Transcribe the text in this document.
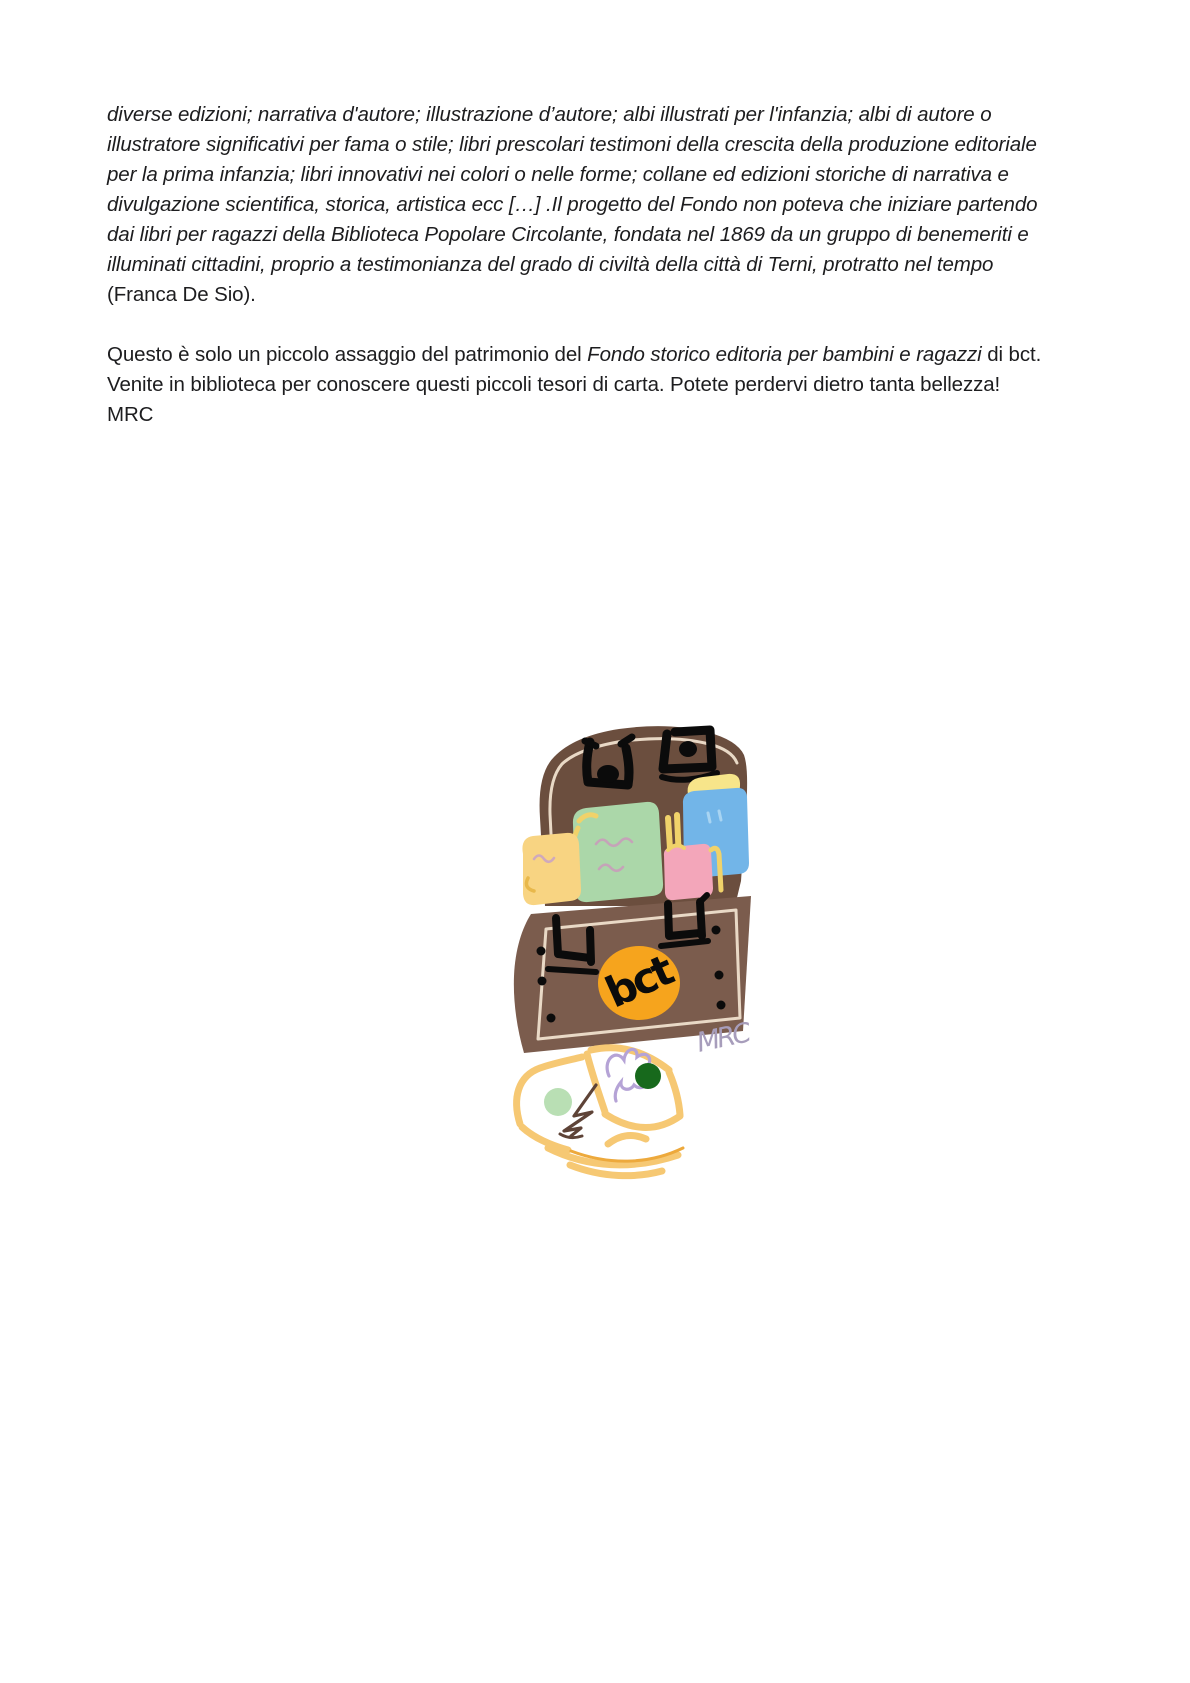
diverse edizioni; narrativa d'autore; illustrazione d’autore; albi illustrati per l'infanzia; albi di autore o illustratore significativi per fama o stile; libri prescolari testimoni della crescita della produzione editoriale per la prima infanzia; libri innovativi nei colori o nelle forme; collane ed edizioni storiche di narrativa e divulgazione scientifica, storica, artistica ecc […] .Il progetto del Fondo non poteva che iniziare partendo dai libri per ragazzi della Biblioteca Popolare Circolante, fondata nel 1869 da un gruppo di benemeriti e illuminati cittadini, proprio a testimonianza del grado di civiltà della città di Terni, protratto nel tempo (Franca De Sio).

Questo è solo un piccolo assaggio del patrimonio del Fondo storico editoria per bambini e ragazzi di bct. Venite in biblioteca per conoscere questi piccoli tesori di carta. Potete perdervi dietro tanta bellezza!

MRC

bct
MRC
